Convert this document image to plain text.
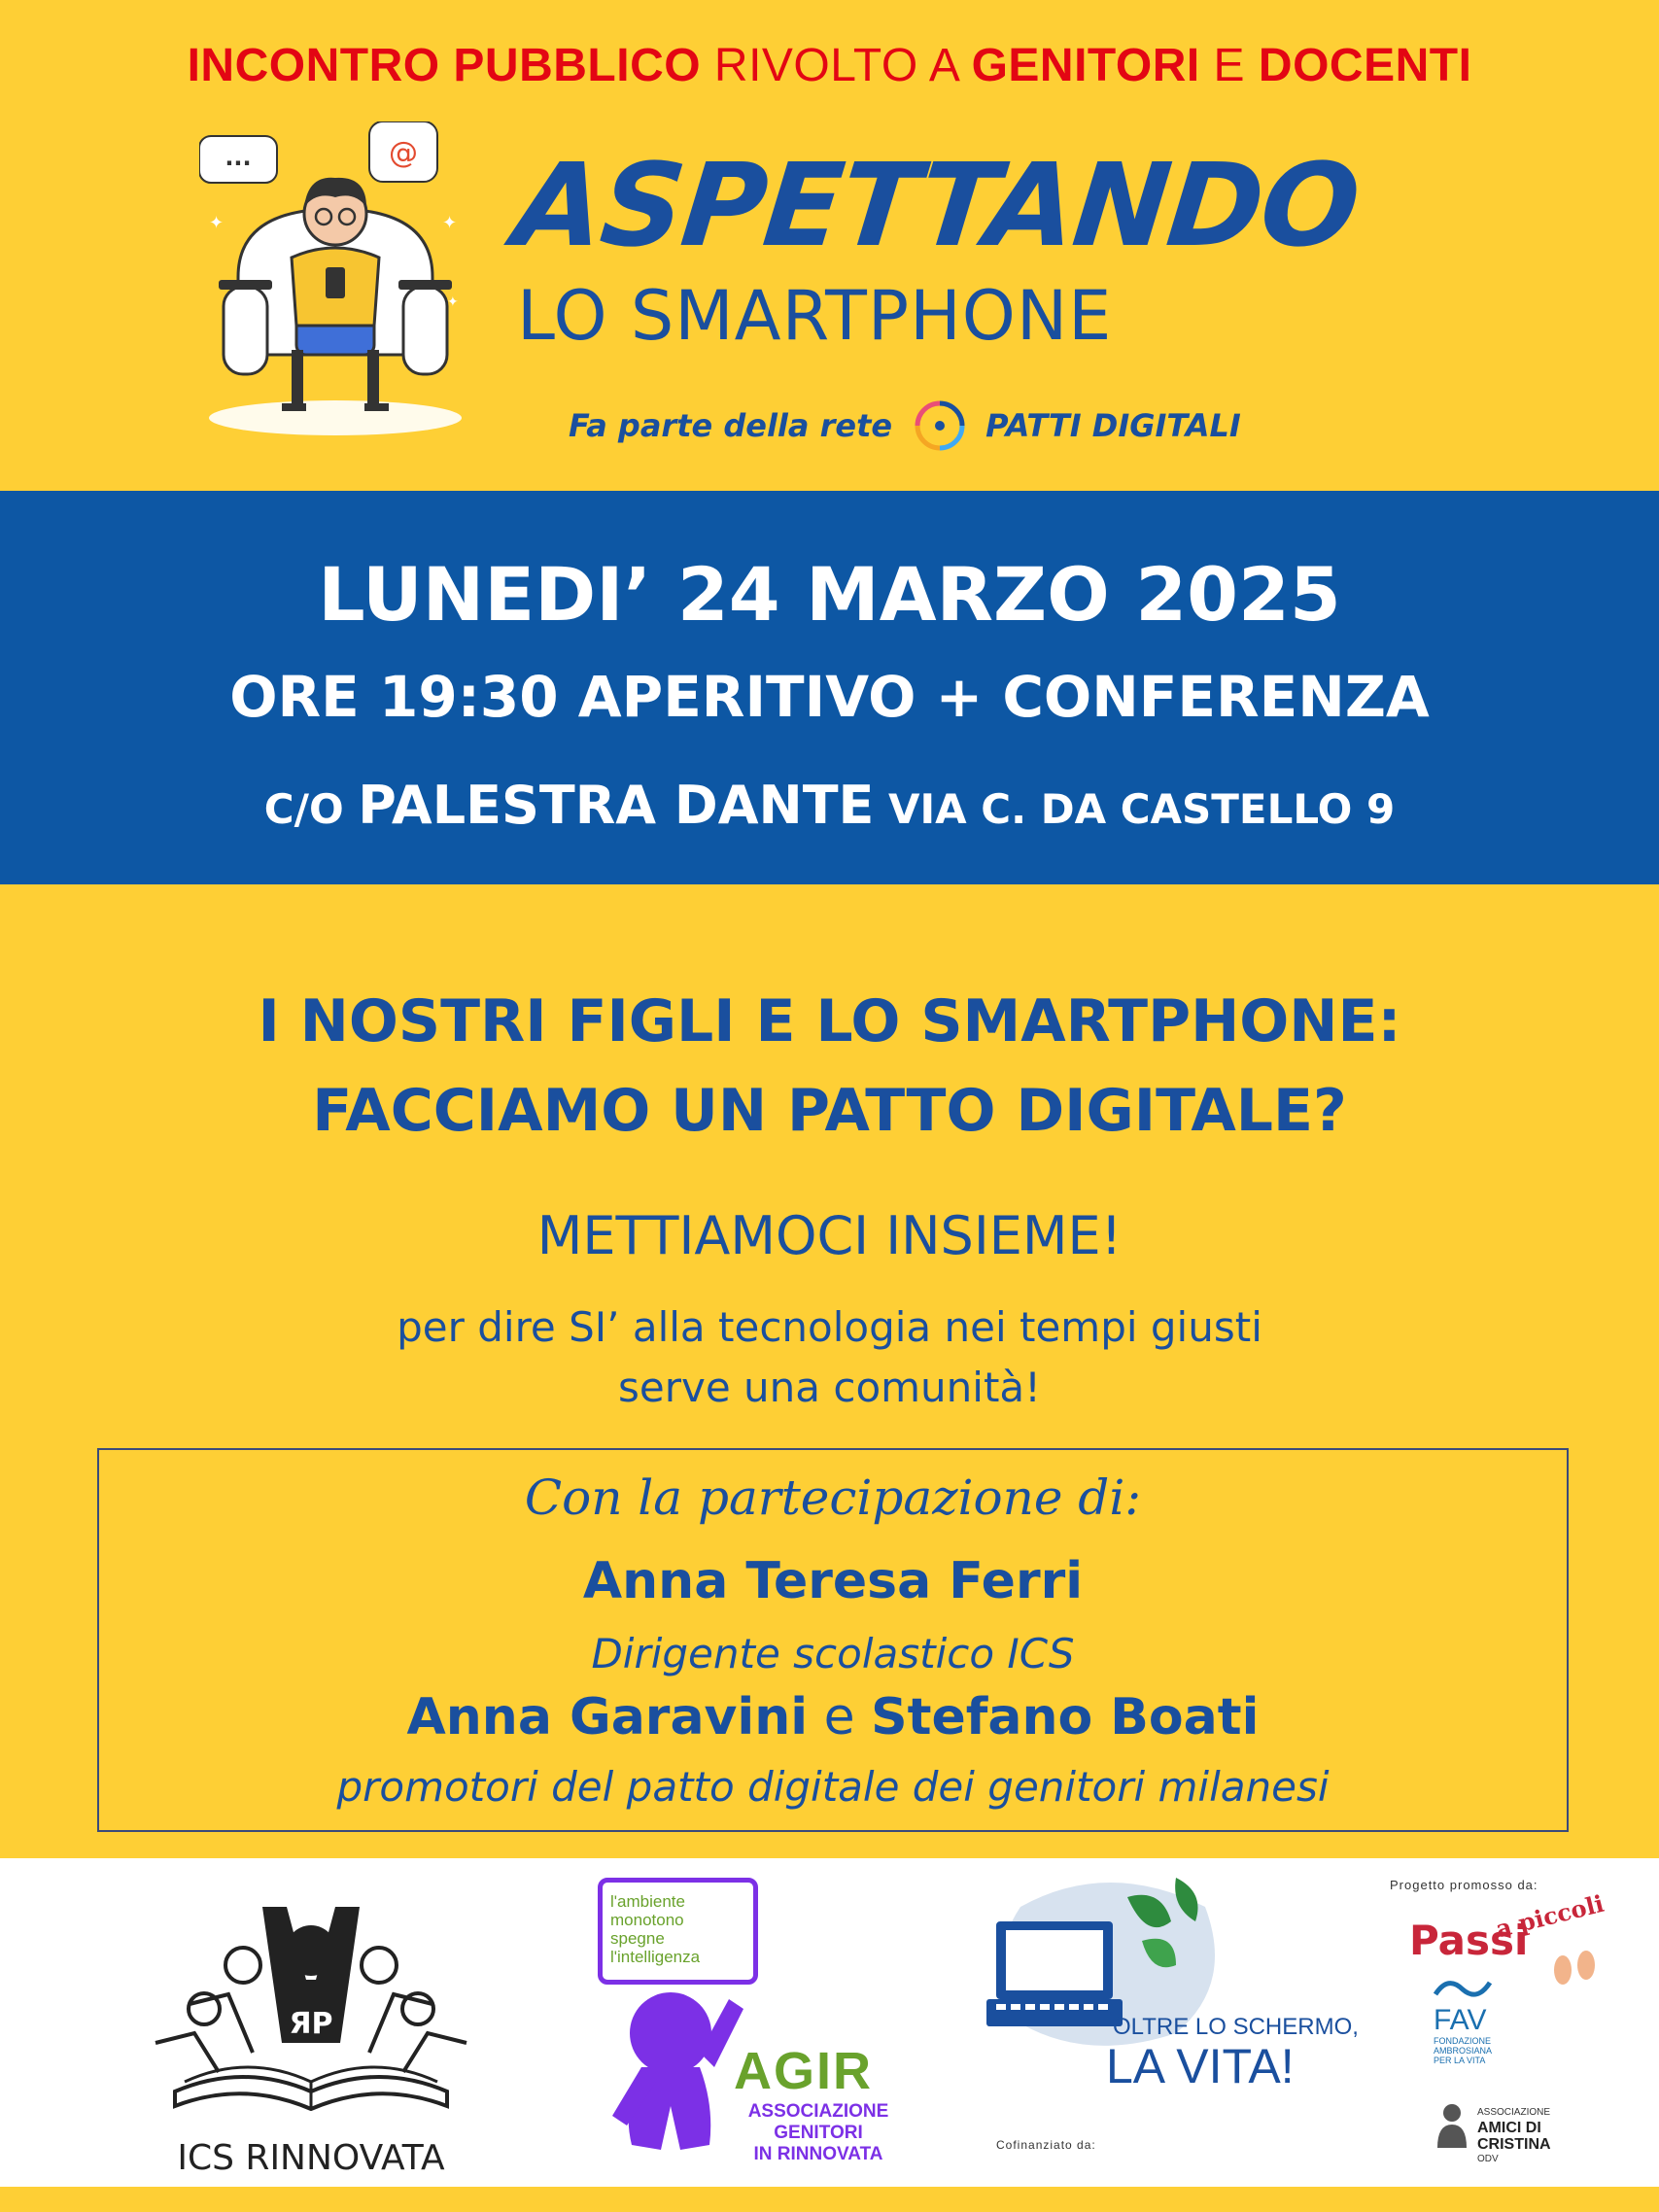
INCONTRO PUBBLICO RIVOLTO A GENITORI E DOCENTI
...	@
✦	✦
✦
ASPETTANDO
LO SMARTPHONE
Fa parte della rete	PATTI DIGITALI
LUNEDI’ 24 MARZO 2025
ORE 19:30 APERITIVO + CONFERENZA
C/O PALESTRA DANTE VIA C. DA CASTELLO 9
I NOSTRI FIGLI E LO SMARTPHONE:
FACCIAMO UN PATTO DIGITALE?
METTIAMOCI INSIEME!
per dire SI’ alla tecnologia nei tempi giusti
serve una comunità!
Con la partecipazione di:
Anna Teresa Ferri
Dirigente scolastico ICS
Anna Garavini e Stefano Boati
promotori del patto digitale dei genitori milanesi
ЯP
ICS RINNOVATA
l'ambiente
monotono
spegne
l'intelligenza
AGIR
ASSOCIAZIONE
GENITORI
IN RINNOVATA
OLTRE LO SCHERMO,
LA VITA!
Cofinanziato da:
Progetto promosso da:
a piccoli
Passi
FAV
FONDAZIONE
AMBROSIANA
PER LA VITA
ASSOCIAZIONE
AMICI DI
CRISTINA
ODV
